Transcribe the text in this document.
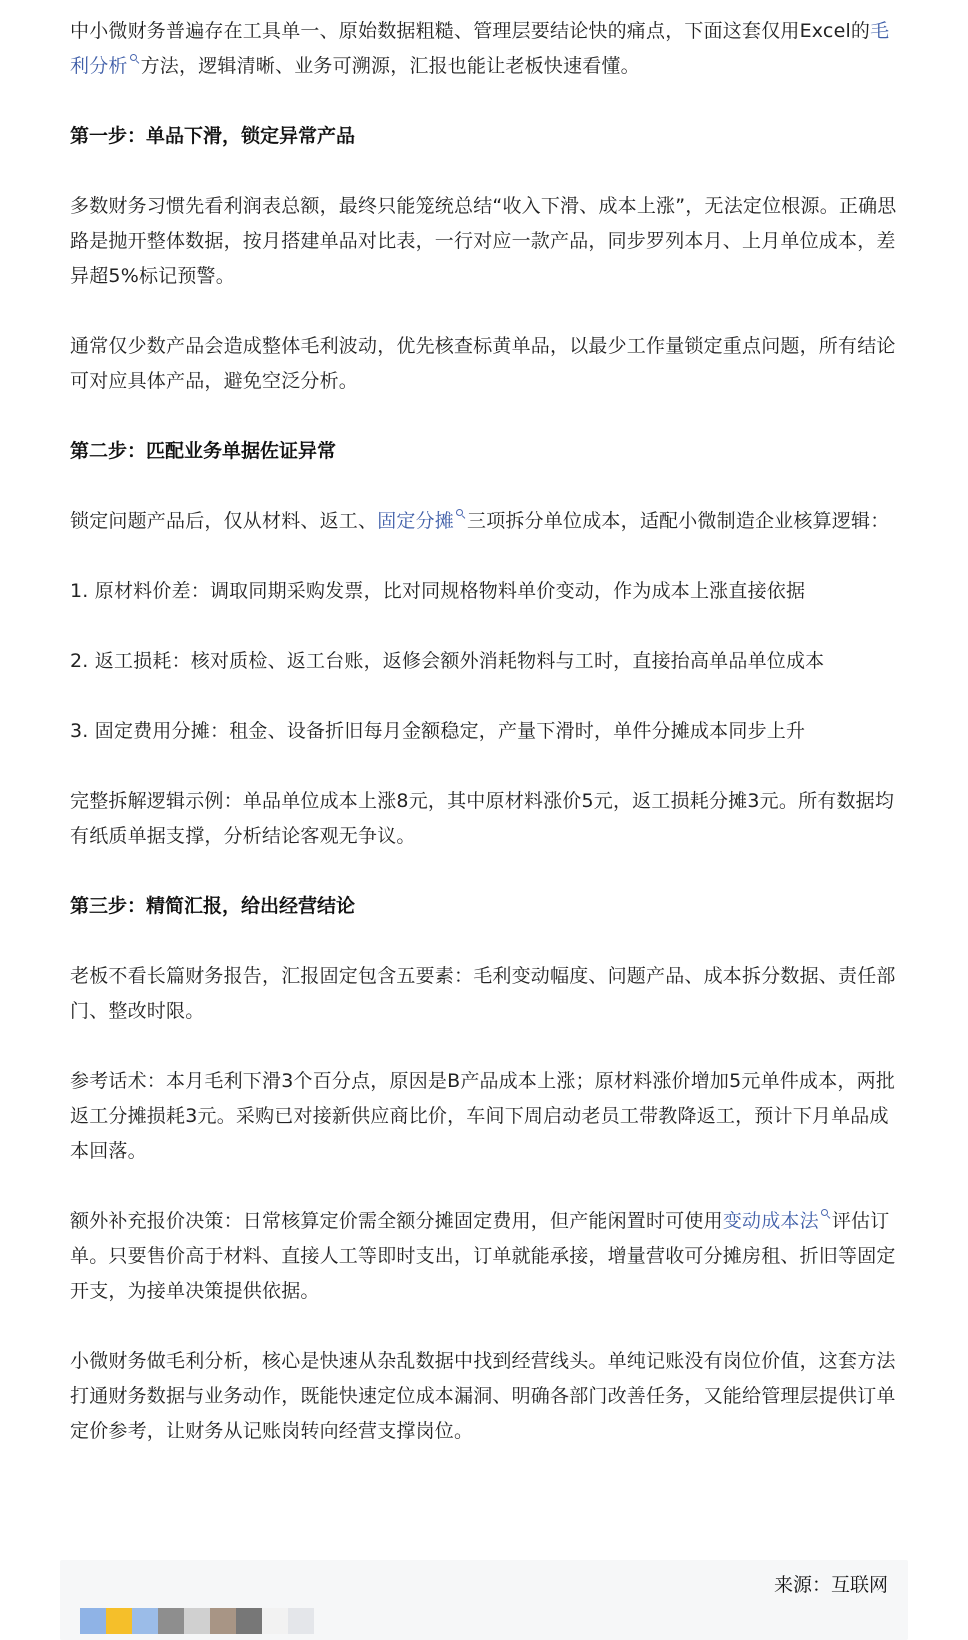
中小微财务普遍存在工具单一、原始数据粗糙、管理层要结论快的痛点，下面这套仅用Excel的毛利分析 方法，逻辑清晰、业务可溯源，汇报也能让老板快速看懂。

第一步：单品下滑，锁定异常产品

多数财务习惯先看利润表总额，最终只能笼统总结“收入下滑、成本上涨”，无法定位根源。正确思路是抛开整体数据，按月搭建单品对比表，一行对应一款产品，同步罗列本月、上月单位成本，差异超5%标记预警。

通常仅少数产品会造成整体毛利波动，优先核查标黄单品，以最少工作量锁定重点问题，所有结论可对应具体产品，避免空泛分析。

第二步：匹配业务单据佐证异常

锁定问题产品后，仅从材料、返工、固定分摊 三项拆分单位成本，适配小微制造企业核算逻辑：

1. 原材料价差：调取同期采购发票，比对同规格物料单价变动，作为成本上涨直接依据

2. 返工损耗：核对质检、返工台账，返修会额外消耗物料与工时，直接抬高单品单位成本

3. 固定费用分摊：租金、设备折旧每月金额稳定，产量下滑时，单件分摊成本同步上升

完整拆解逻辑示例：单品单位成本上涨8元，其中原材料涨价5元，返工损耗分摊3元。所有数据均有纸质单据支撑，分析结论客观无争议。

第三步：精简汇报，给出经营结论

老板不看长篇财务报告，汇报固定包含五要素：毛利变动幅度、问题产品、成本拆分数据、责任部门、整改时限。

参考话术：本月毛利下滑3个百分点，原因是B产品成本上涨；原材料涨价增加5元单件成本，两批返工分摊损耗3元。采购已对接新供应商比价，车间下周启动老员工带教降返工，预计下月单品成本回落。

额外补充报价决策：日常核算定价需全额分摊固定费用，但产能闲置时可使用变动成本法 评估订单。只要售价高于材料、直接人工等即时支出，订单就能承接，增量营收可分摊房租、折旧等固定开支，为接单决策提供依据。

小微财务做毛利分析，核心是快速从杂乱数据中找到经营线头。单纯记账没有岗位价值，这套方法打通财务数据与业务动作，既能快速定位成本漏洞、明确各部门改善任务，又能给管理层提供订单定价参考，让财务从记账岗转向经营支撑岗位。

来源：互联网
